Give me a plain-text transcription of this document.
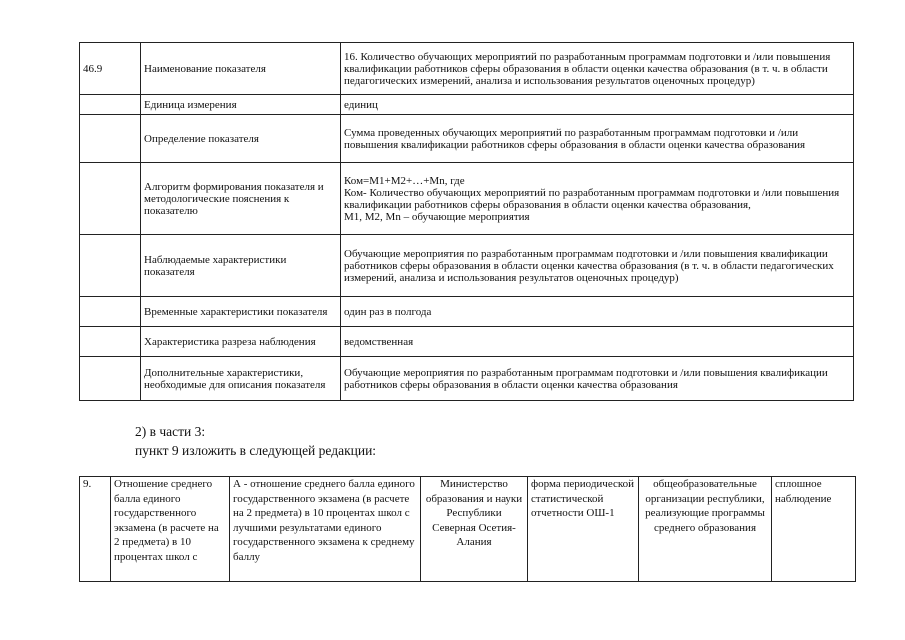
46.9	Наименование показателя	16. Количество обучающих мероприятий по разработанным программам подготовки и /или повышения квалификации работников сферы образования в области оценки качества образования (в т. ч. в области педагогических измерений, анализа и использования результатов оценочных процедур)
	Единица измерения	единиц
	Определение показателя	Сумма проведенных обучающих мероприятий по разработанным программам подготовки и /или повышения квалификации работников сферы образования в области оценки качества образования
	Алгоритм формирования показателя и методологические пояснения к показателю	Ком=М1+М2+…+Мn, где
Ком- Количество обучающих мероприятий по разработанным программам подготовки и /или повышения квалификации работников сферы образования в области оценки качества образования,
М1, М2, Мn – обучающие мероприятия

	Наблюдаемые характеристики показателя	Обучающие мероприятия по разработанным программам подготовки и /или повышения квалификации работников сферы образования в области оценки качества образования (в т. ч. в области педагогических измерений, анализа и использования результатов оценочных процедур)
	Временные характеристики показателя	один раз в полгода
	Характеристика разреза наблюдения	ведомственная
	Дополнительные характеристики, необходимые для описания показателя	Обучающие мероприятия по разработанным программам подготовки и /или повышения квалификации работников сферы образования в области оценки качества образования
2) в части 3:
пункт 9 изложить в следующей редакции:
9.	Отношение среднего балла единого государственного экзамена (в расчете на 2 предмета) в 10 процентах школ с	А - отношение среднего балла единого государственного экзамена (в расчете на 2 предмета) в 10 процентах школ с лучшими результатами единого государственного экзамена к среднему баллу	Министерство образования и науки Республики Северная Осетия-Алания	форма периодической статистической отчетности ОШ-1	общеобразовательные организации республики, реализующие программы среднего образования	сплошное наблюдение
